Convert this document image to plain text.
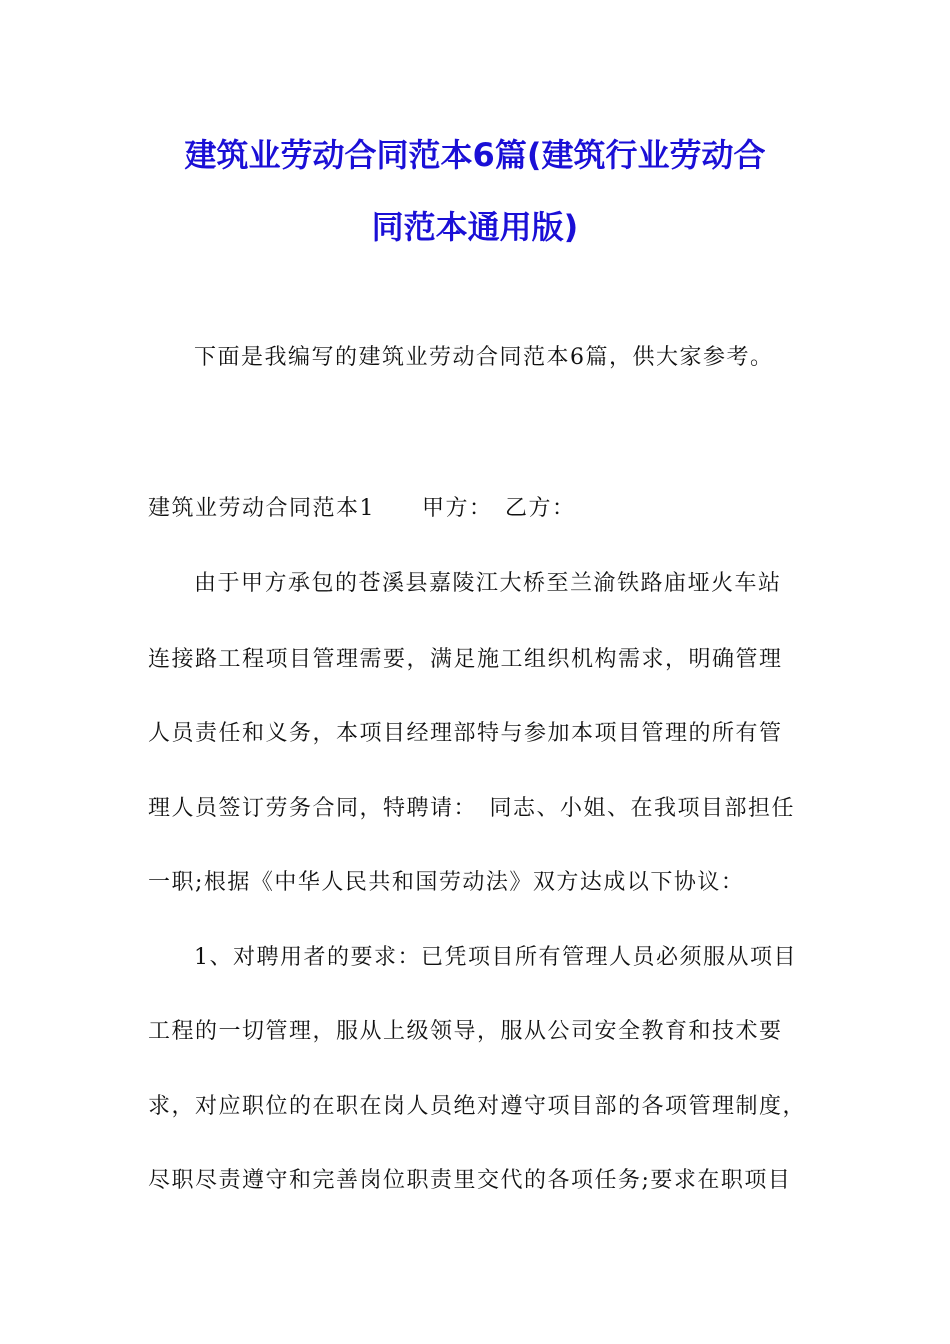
建筑业劳动合同范本6篇(建筑行业劳动合
同范本通用版)
下面是我编写的建筑业劳动合同范本6篇，供大家参考。
建筑业劳动合同范本1　　甲方：　乙方：
由于甲方承包的苍溪县嘉陵江大桥至兰渝铁路庙垭火车站
连接路工程项目管理需要，满足施工组织机构需求，明确管理
人员责任和义务，本项目经理部特与参加本项目管理的所有管
理人员签订劳务合同，特聘请：　同志、小姐、在我项目部担任
一职;根据《中华人民共和国劳动法》双方达成以下协议：
1、对聘用者的要求：已凭项目所有管理人员必须服从项目
工程的一切管理，服从上级领导，服从公司安全教育和技术要
求，对应职位的在职在岗人员绝对遵守项目部的各项管理制度，
尽职尽责遵守和完善岗位职责里交代的各项任务;要求在职项目
